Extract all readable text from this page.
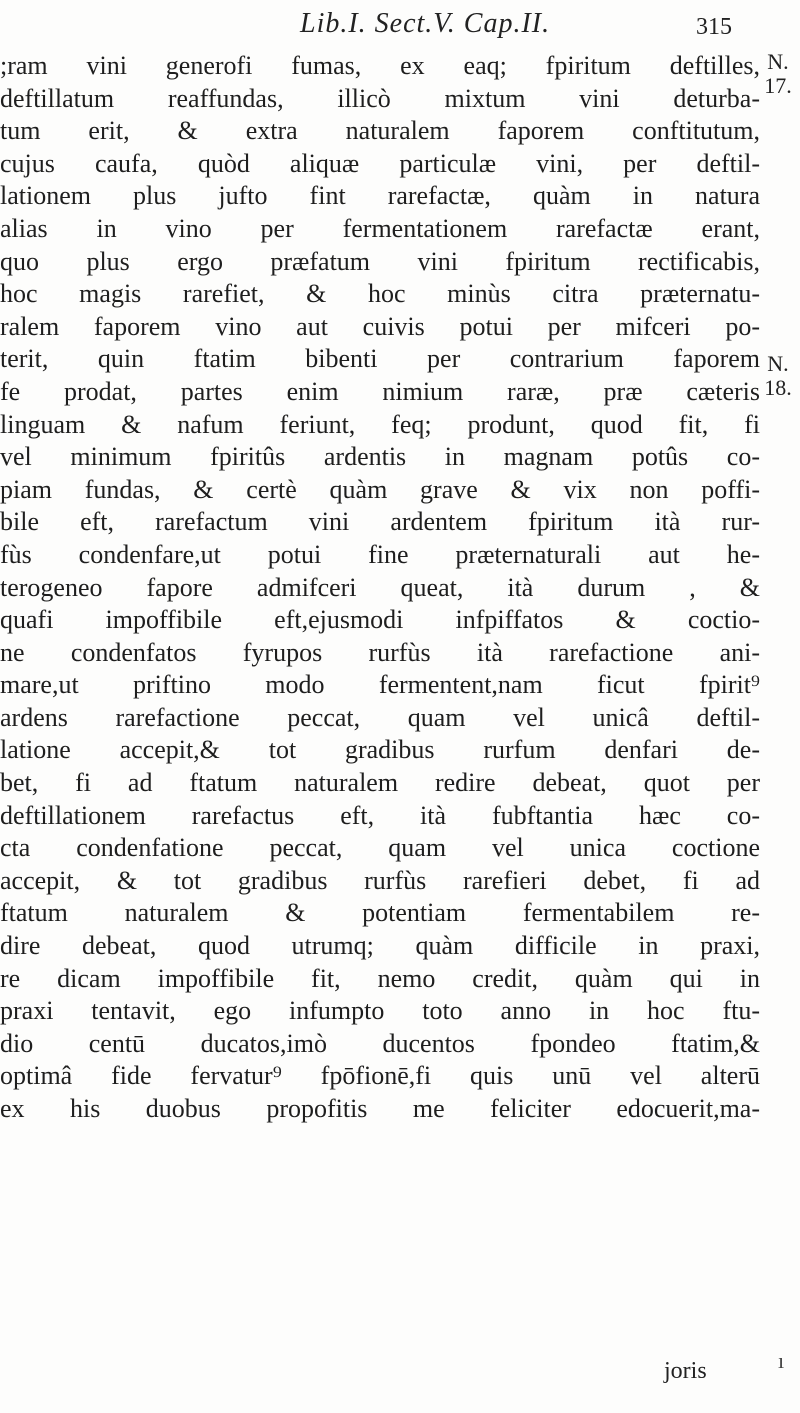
Lib.I. Sect.V. Cap.II.	315
;ram vini generofi fumas, ex eaq; fpiritum deftilles,
deftillatum reaffundas, illicò mixtum vini deturba-
tum erit, & extra naturalem faporem conftitutum,
cujus caufa, quòd aliquæ particulæ vini, per deftil-
lationem plus jufto fint rarefactæ, quàm in natura
alias in vino per fermentationem rarefactæ erant,
quo plus ergo præfatum vini fpiritum rectificabis,
hoc magis rarefiet, & hoc minùs citra præternatu-
ralem faporem vino aut cuivis potui per mifceri po-
terit, quin ftatim bibenti per contrarium faporem
fe prodat, partes enim nimium raræ, præ cæteris
linguam & nafum feriunt, feq; produnt, quod fit, fi
vel minimum fpiritûs ardentis in magnam potûs co-
piam fundas, & certè quàm grave & vix non poffi-
bile eft, rarefactum vini ardentem fpiritum ità rur-
fùs condenfare,ut potui fine præternaturali aut he-
terogeneo fapore admifceri queat, ità durum , &
quafi impoffibile eft,ejusmodi infpiffatos & coctio-
ne condenfatos fyrupos rurfùs ità rarefactione ani-
mare,ut priftino modo fermentent,nam ficut fpirit⁹
ardens rarefactione peccat, quam vel unicâ deftil-
latione accepit,& tot gradibus rurfum denfari de-
bet, fi ad ftatum naturalem redire debeat, quot per
deftillationem rarefactus eft, ità fubftantia hæc co-
cta condenfatione peccat, quam vel unica coctione
accepit, & tot gradibus rurfùs rarefieri debet, fi ad
ftatum naturalem & potentiam fermentabilem re-
dire debeat, quod utrumq; quàm difficile in praxi,
re dicam impoffibile fit, nemo credit, quàm qui in
praxi tentavit, ego infumpto toto anno in hoc ftu-
dio centū ducatos,imò ducentos fpondeo ftatim,&
optimâ fide fervatur⁹ fpōfionē,fi quis unū vel alterū
ex his duobus propofitis me feliciter edocuerit,ma-
N.
17.
N.
18.
joris	ı
